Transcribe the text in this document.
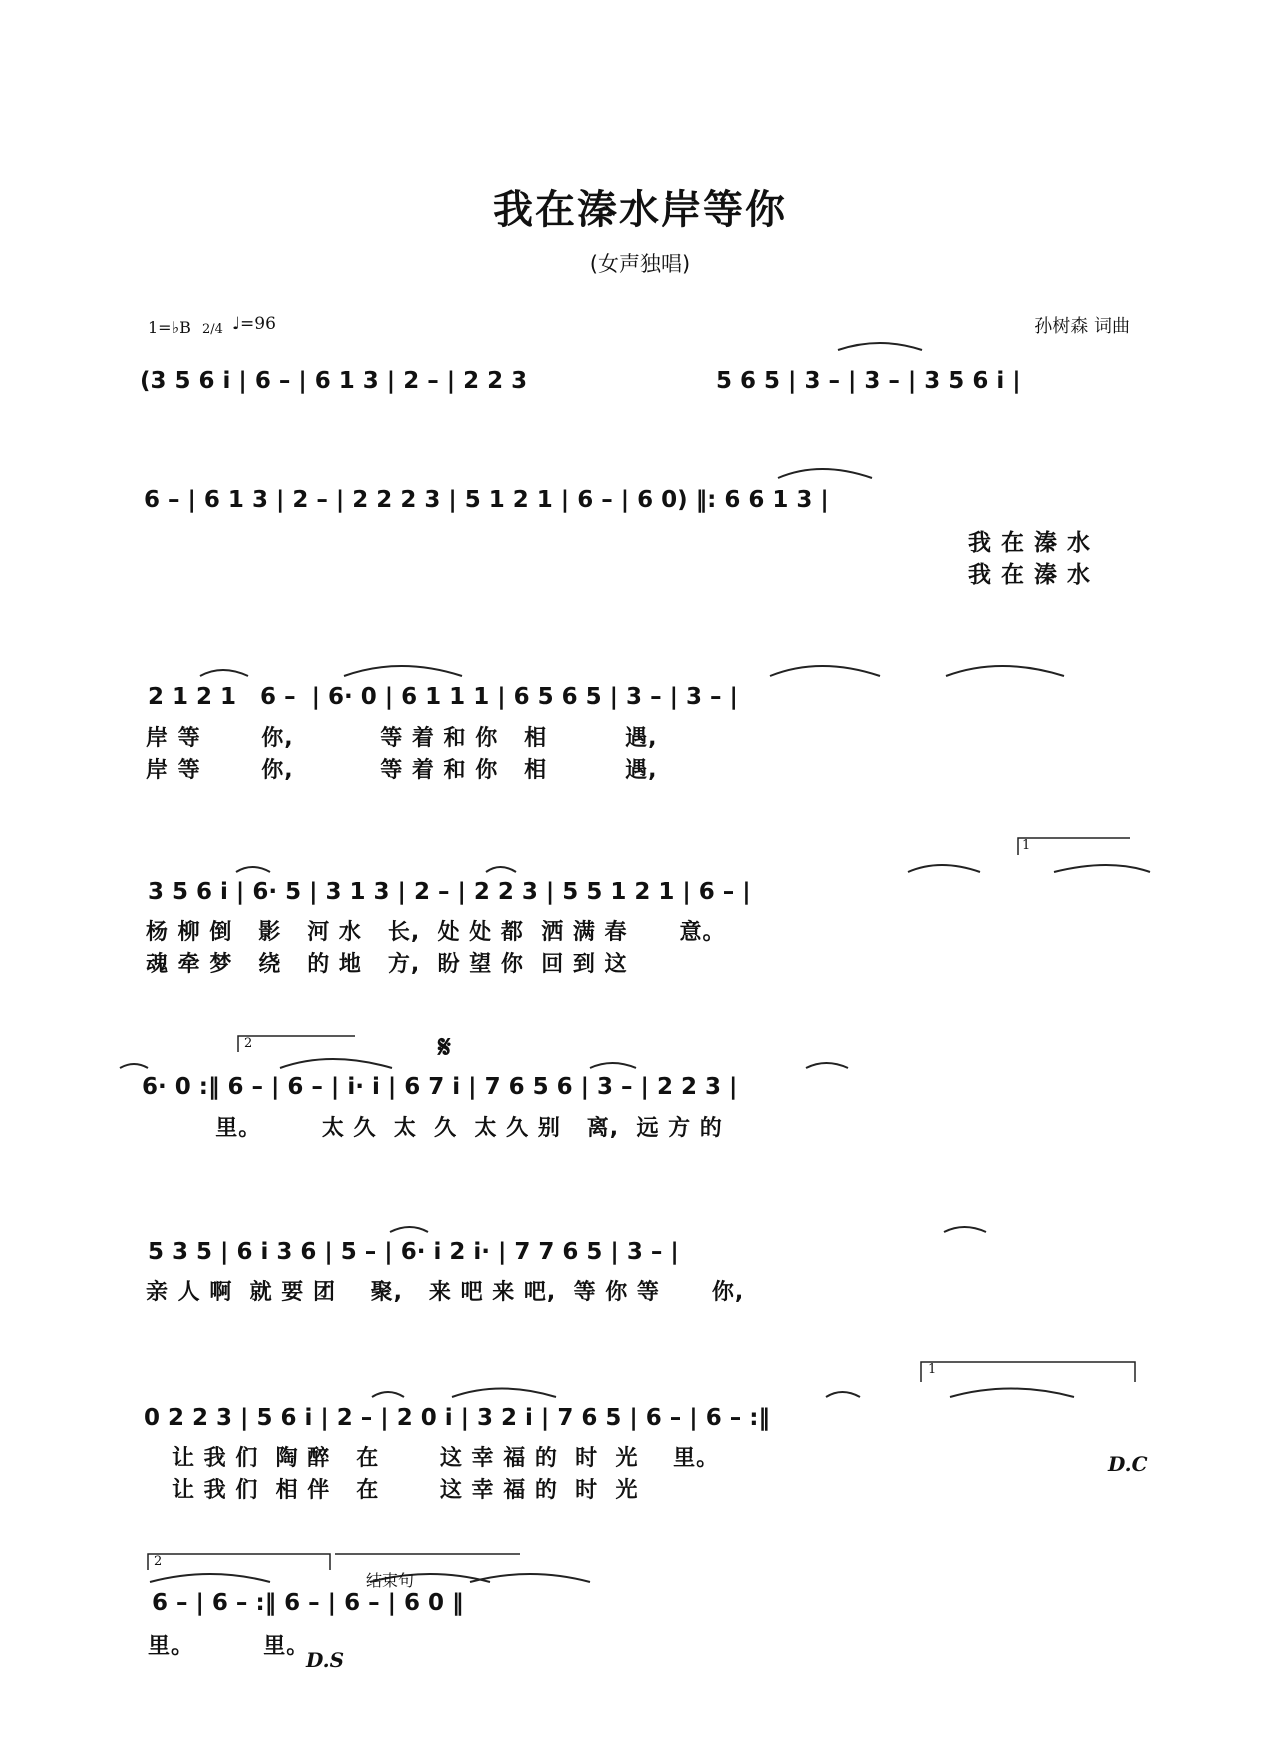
我在溱水岸等你
(女声独唱)
1=♭B 2/4 ♩=96	孙树森 词曲
1
2
1
2
𝄋
D.C
D.S
结束句
(3 5 6 i | 6 – | 6 1 3 | 2 – | 2 2 3	5 6 5 | 3 – | 3 – | 3 5 6 i |
6 – | 6 1 3 | 2 – | 2 2 2 3 | 5 1 2 1 | 6 – | 6 0) ‖: 6 6 1 3 |
我 在 溱 水
我 在 溱 水
2 1 2 1   6 –  | 6· 0 | 6 1 1 1 | 6 5 6 5 | 3 – | 3 – |
岸 等       你,          等 着 和 你   相         遇,
岸 等       你,          等 着 和 你   相         遇,
3 5 6 i | 6· 5 | 3 1 3 | 2 – | 2 2 3 | 5 5 1 2 1 | 6 – |
杨 柳 倒   影   河 水   长,  处 处 都  洒 满 春      意。
魂 牵 梦   绕   的 地   方,  盼 望 你  回 到 这
6· 0 :‖ 6 – | 6 – | i· i | 6 7 i | 7 6 5 6 | 3 – | 2 2 3 |
里。       太 久  太  久  太 久 别   离,  远 方 的
5 3 5 | 6 i 3 6 | 5 – | 6· i 2 i· | 7 7 6 5 | 3 – |
亲 人 啊  就 要 团    聚,   来 吧 来 吧,  等 你 等      你,
0 2 2 3 | 5 6 i | 2 – | 2 0 i | 3 2 i | 7 6 5 | 6 – | 6 – :‖
让 我 们  陶 醉   在       这 幸 福 的  时  光    里。
让 我 们  相 伴   在       这 幸 福 的  时  光
6 – | 6 – :‖ 6 – | 6 – | 6 0 ‖
里。        里。
